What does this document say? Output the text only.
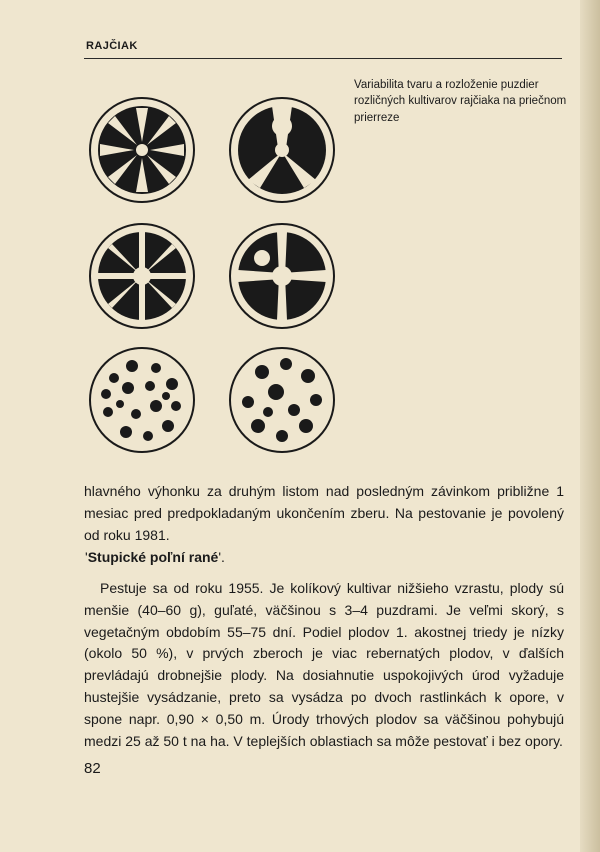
RAJČIAK
Variabilita tvaru a rozloženie puzdier rozličných kultivarov rajčiaka na priečnom prierreze
hlavného výhonku za druhým listom nad posledným závinkom približne 1 mesiac pred predpokladaným ukončením zberu. Na pestovanie je povolený od roku 1981.
'Stupické poľní rané'.
Pestuje sa od roku 1955. Je kolíkový kultivar nižšieho vzrastu, plody sú menšie (40–60 g), guľaté, väčšinou s 3–4 puzdrami. Je veľmi skorý, s vegetačným obdobím 55–75 dní. Podiel plodov 1. akostnej triedy je nízky (okolo 50 %), v prvých zberoch je viac rebernatých plodov, v ďalších prevládajú drobnejšie plody. Na dosiahnutie uspokojivých úrod vyžaduje hustejšie vysádzanie, preto sa vysádza po dvoch rastlinkách k opore, v spone napr. 0,90 × 0,50 m. Úrody trhových plodov sa väčšinou pohybujú medzi 25 až 50 t na ha. V teplejších oblastiach sa môže pestovať i bez opory.
82
